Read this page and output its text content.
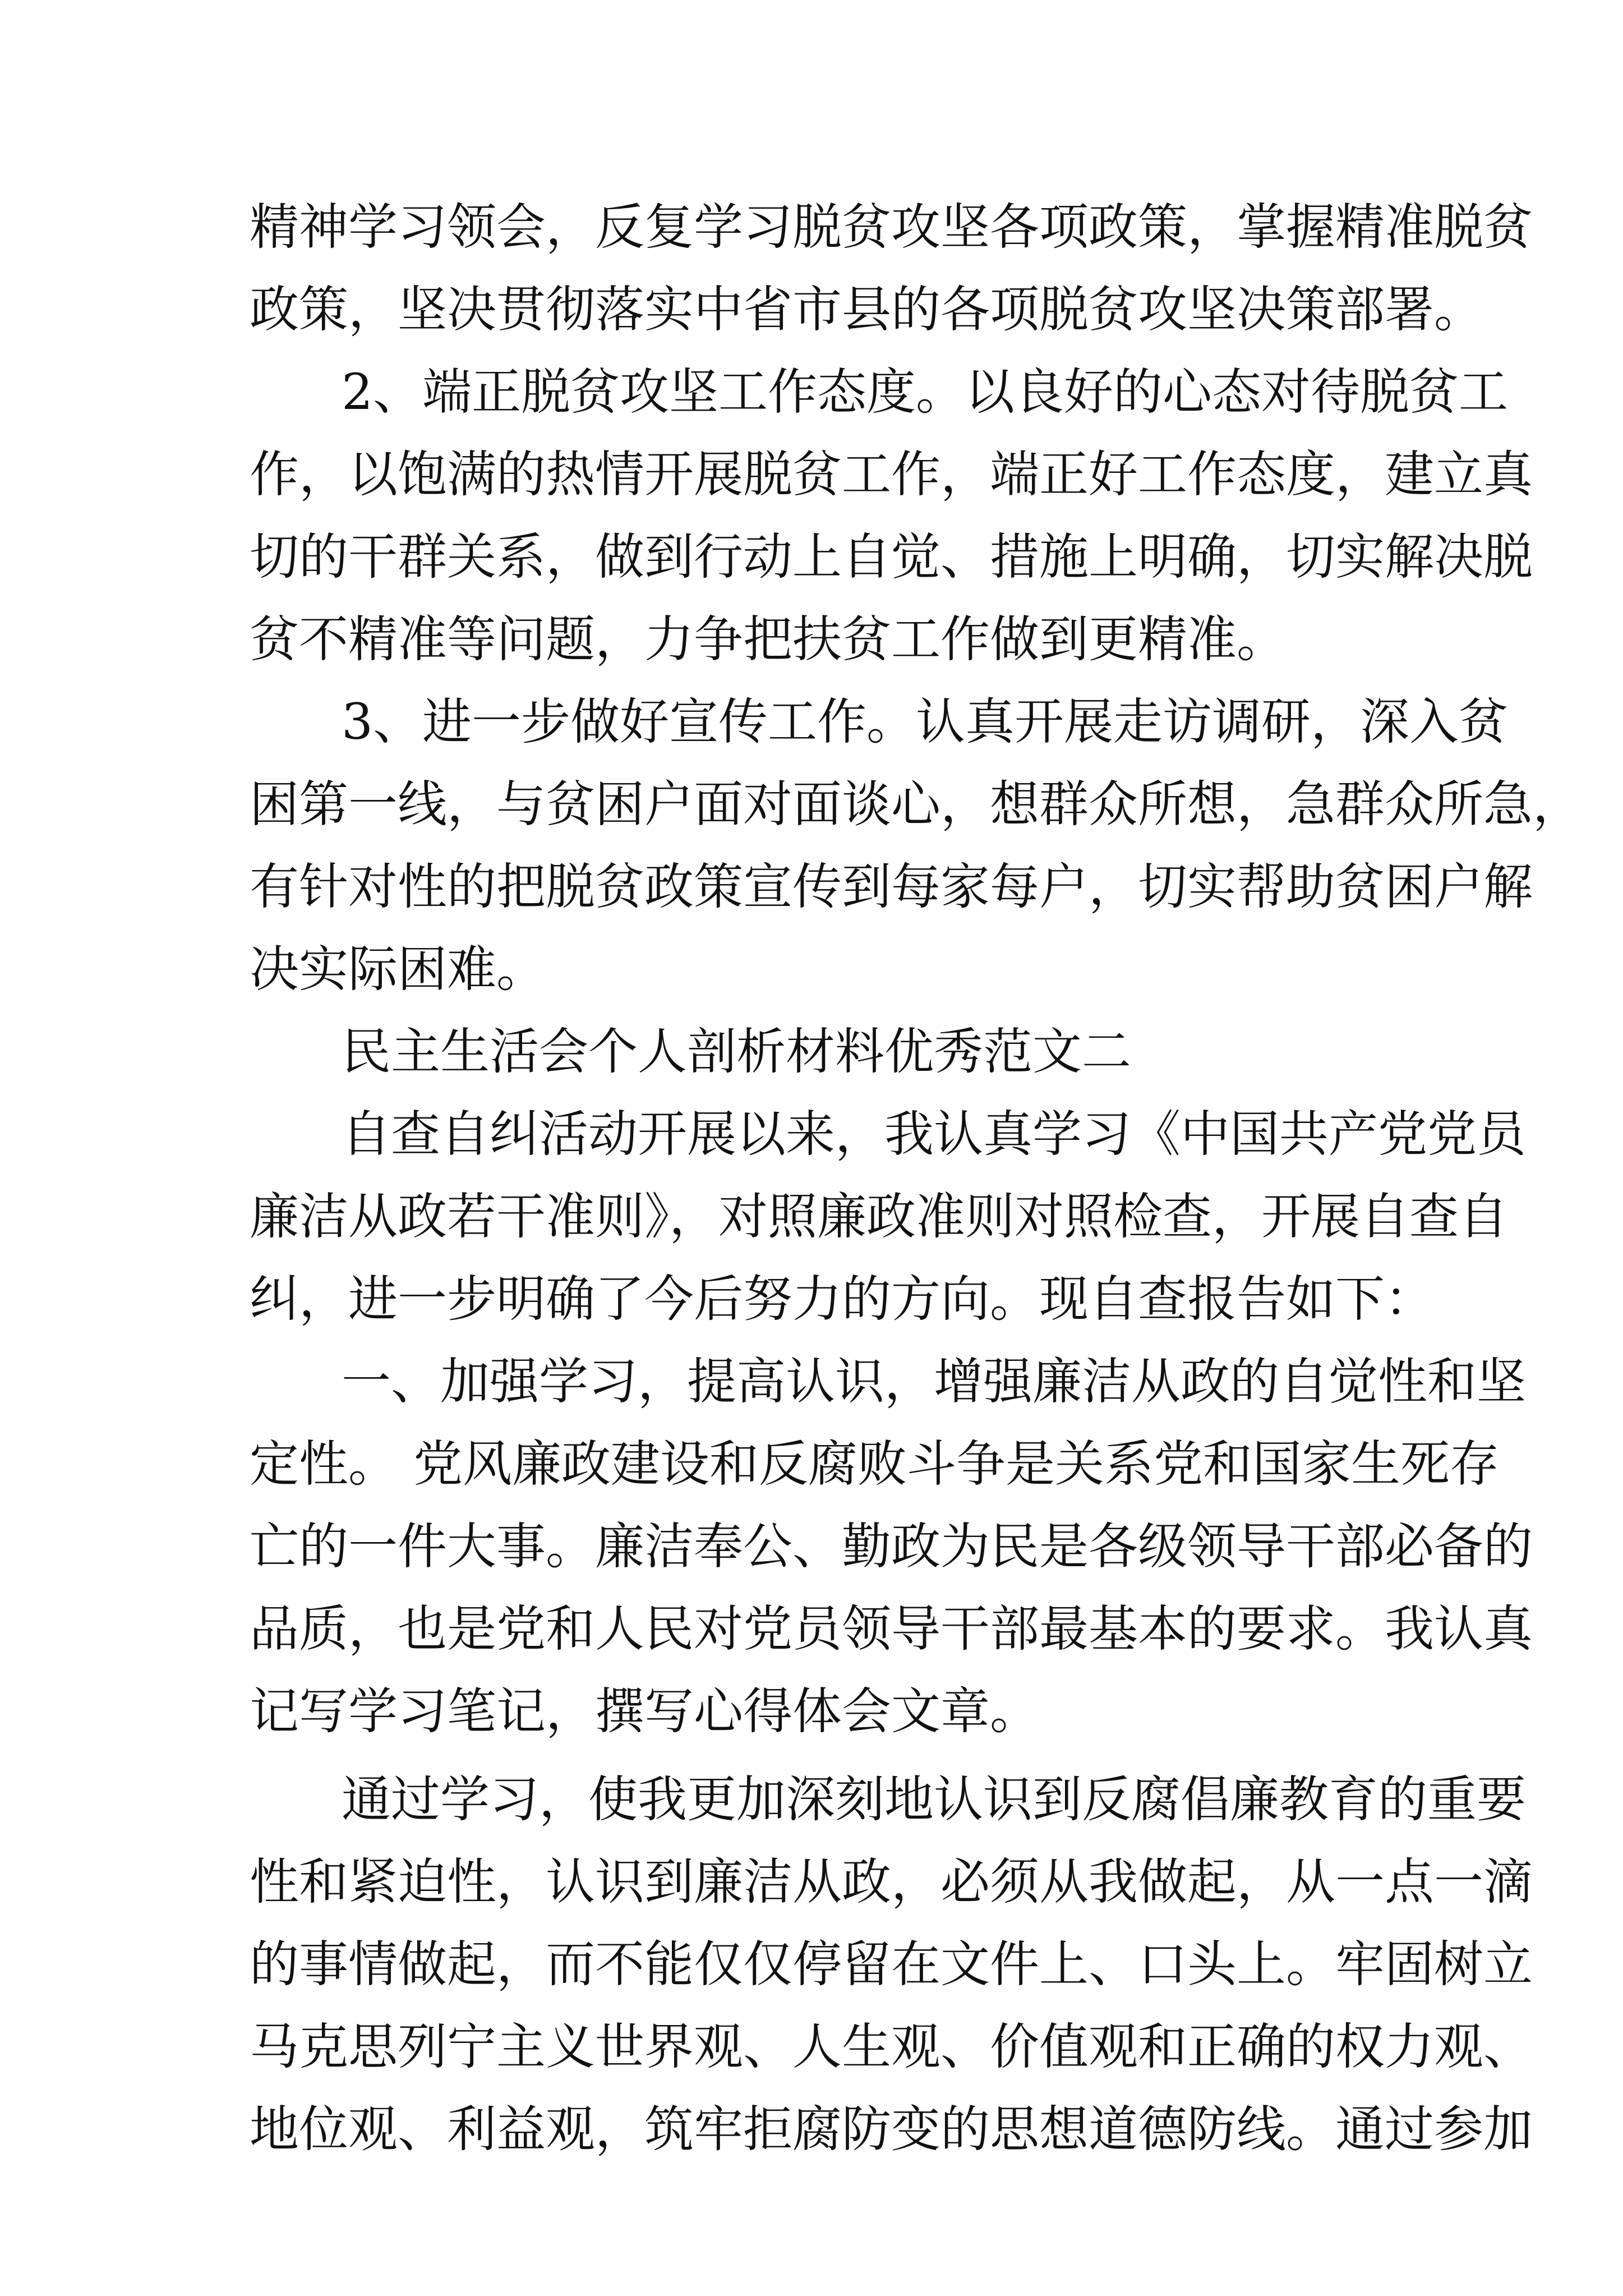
精神学习领会，反复学习脱贫攻坚各项政策，掌握精准脱贫
政策，坚决贯彻落实中省市县的各项脱贫攻坚决策部署。
2、端正脱贫攻坚工作态度。以良好的心态对待脱贫工
作，以饱满的热情开展脱贫工作，端正好工作态度，建立真
切的干群关系，做到行动上自觉、措施上明确，切实解决脱
贫不精准等问题，力争把扶贫工作做到更精准。
3、进一步做好宣传工作。认真开展走访调研，深入贫
困第一线，与贫困户面对面谈心，想群众所想，急群众所急，
有针对性的把脱贫政策宣传到每家每户，切实帮助贫困户解
决实际困难。
民主生活会个人剖析材料优秀范文二
自查自纠活动开展以来，我认真学习《中国共产党党员
廉洁从政若干准则》，对照廉政准则对照检查，开展自查自
纠，进一步明确了今后努力的方向。现自查报告如下：
一、加强学习，提高认识，增强廉洁从政的自觉性和坚
定性。 党风廉政建设和反腐败斗争是关系党和国家生死存
亡的一件大事。廉洁奉公、勤政为民是各级领导干部必备的
品质，也是党和人民对党员领导干部最基本的要求。我认真
记写学习笔记，撰写心得体会文章。
通过学习，使我更加深刻地认识到反腐倡廉教育的重要
性和紧迫性，认识到廉洁从政，必须从我做起，从一点一滴
的事情做起，而不能仅仅停留在文件上、口头上。牢固树立
马克思列宁主义世界观、人生观、价值观和正确的权力观、
地位观、利益观，筑牢拒腐防变的思想道德防线。通过参加
